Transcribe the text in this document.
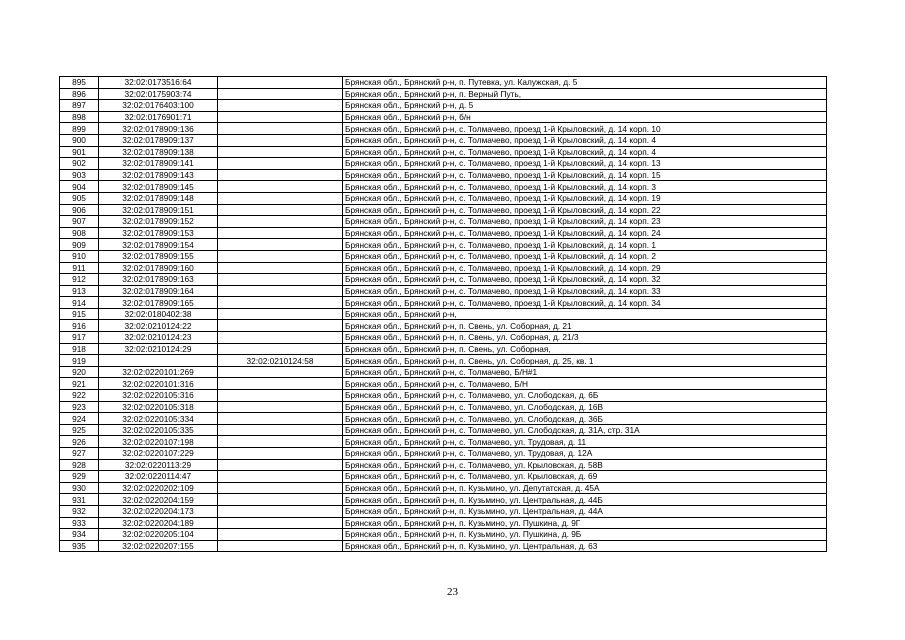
895	32:02:0173516:64		Брянская обл., Брянский р-н, п. Путевка, ул. Калужская, д. 5
896	32:02:0175903:74		Брянская обл., Брянский р-н, п. Верный Путь,
897	32:02:0176403:100		Брянская обл., Брянский р-н, д. 5
898	32:02:0176901:71		Брянская обл., Брянский р-н, б/н
899	32:02:0178909:136		Брянская обл., Брянский р-н, с. Толмачево, проезд 1-й Крыловский, д. 14 корп. 10
900	32:02:0178909:137		Брянская обл., Брянский р-н, с. Толмачево, проезд 1-й Крыловский, д. 14 корп. 4
901	32:02:0178909:138		Брянская обл., Брянский р-н, с. Толмачево, проезд 1-й Крыловский, д. 14 корп. 4
902	32:02:0178909:141		Брянская обл., Брянский р-н, с. Толмачево, проезд 1-й Крыловский, д. 14 корп. 13
903	32:02:0178909:143		Брянская обл., Брянский р-н, с. Толмачево, проезд 1-й Крыловский, д. 14 корп. 15
904	32:02:0178909:145		Брянская обл., Брянский р-н, с. Толмачево, проезд 1-й Крыловский, д. 14 корп. 3
905	32:02:0178909:148		Брянская обл., Брянский р-н, с. Толмачево, проезд 1-й Крыловский, д. 14 корп. 19
906	32:02:0178909:151		Брянская обл., Брянский р-н, с. Толмачево, проезд 1-й Крыловский, д. 14 корп. 22
907	32:02:0178909:152		Брянская обл., Брянский р-н, с. Толмачево, проезд 1-й Крыловский, д. 14 корп. 23
908	32:02:0178909:153		Брянская обл., Брянский р-н, с. Толмачево, проезд 1-й Крыловский, д. 14 корп. 24
909	32:02:0178909:154		Брянская обл., Брянский р-н, с. Толмачево, проезд 1-й Крыловский, д. 14 корп. 1
910	32:02:0178909:155		Брянская обл., Брянский р-н, с. Толмачево, проезд 1-й Крыловский, д. 14 корп. 2
911	32:02:0178909:160		Брянская обл., Брянский р-н, с. Толмачево, проезд 1-й Крыловский, д. 14 корп. 29
912	32:02:0178909:163		Брянская обл., Брянский р-н, с. Толмачево, проезд 1-й Крыловский, д. 14 корп. 32
913	32:02:0178909:164		Брянская обл., Брянский р-н, с. Толмачево, проезд 1-й Крыловский, д. 14 корп. 33
914	32:02:0178909:165		Брянская обл., Брянский р-н, с. Толмачево, проезд 1-й Крыловский, д. 14 корп. 34
915	32:02:0180402:38		Брянская обл., Брянский р-н,
916	32:02:0210124:22		Брянская обл., Брянский р-н, п. Свень, ул. Соборная, д. 21
917	32:02:0210124:23		Брянская обл., Брянский р-н, п. Свень, ул. Соборная, д. 21/3
918	32:02:0210124:29		Брянская обл., Брянский р-н, п. Свень, ул. Соборная,
919		32:02:0210124:58	Брянская обл., Брянский р-н, п. Свень, ул. Соборная, д. 25, кв. 1
920	32:02:0220101:269		Брянская обл., Брянский р-н, с. Толмачево, Б/Н#1
921	32:02:0220101:316		Брянская обл., Брянский р-н, с. Толмачево, Б/Н
922	32:02:0220105:316		Брянская обл., Брянский р-н, с. Толмачево, ул. Слободская, д. 6Б
923	32:02:0220105:318		Брянская обл., Брянский р-н, с. Толмачево, ул. Слободская, д. 16В
924	32:02:0220105:334		Брянская обл., Брянский р-н, с. Толмачево, ул. Слободская, д. 36Б
925	32:02:0220105:335		Брянская обл., Брянский р-н, с. Толмачево, ул. Слободская, д. 31А, стр. 31А
926	32:02:0220107:198		Брянская обл., Брянский р-н, с. Толмачево, ул. Трудовая, д. 11
927	32:02:0220107:229		Брянская обл., Брянский р-н, с. Толмачево, ул. Трудовая, д. 12А
928	32:02:0220113:29		Брянская обл., Брянский р-н, с. Толмачево, ул. Крыловская, д. 58В
929	32:02:0220114:47		Брянская обл., Брянский р-н, с. Толмачево, ул. Крыловская, д. 69
930	32:02:0220202:109		Брянская обл., Брянский р-н, п. Кузьмино, ул. Депутатская, д. 45А
931	32:02:0220204:159		Брянская обл., Брянский р-н, п. Кузьмино, ул. Центральная, д. 44Б
932	32:02:0220204:173		Брянская обл., Брянский р-н, п. Кузьмино, ул. Центральная, д. 44А
933	32:02:0220204:189		Брянская обл., Брянский р-н, п. Кузьмино, ул. Пушкина, д. 9Г
934	32:02:0220205:104		Брянская обл., Брянский р-н, п. Кузьмино, ул. Пушкина, д. 9Б
935	32:02:0220207:155		Брянская обл., Брянский р-н, п. Кузьмино, ул. Центральная, д. 63
23
